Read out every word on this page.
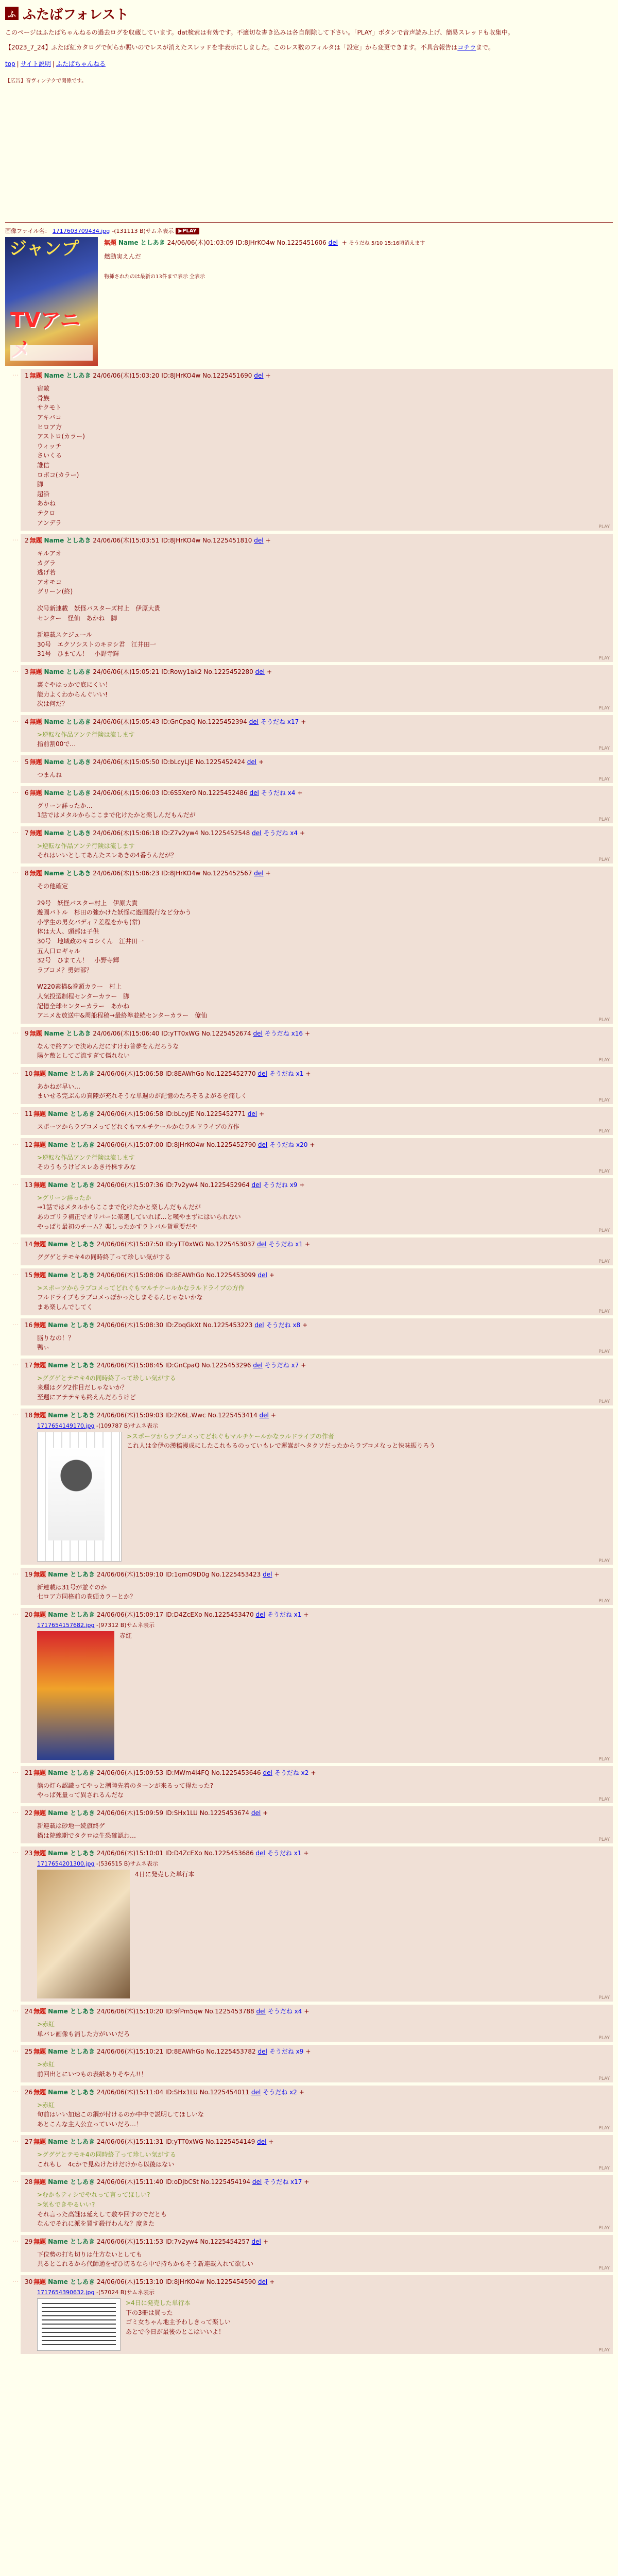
ふ ふたばフォレスト
このページはふたばちゃんねるの過去ログを収蔵しています。dat検索は有効です。不適切な書き込みは各自削除して下さい。「PLAY」ボタンで音声読み上げ、簡易スレッドも収集中。
【2023_7_24】ふたば紅カタログで何らか賑いのでレスが消えたスレッドを非表示にしました。このレス数のフィルタは「設定」から変更できます。不具合報告はコチラまで。
top | サイト説明 | ふたばちゃんねる
【広告】音ヴィンテクで関係です。
画像ファイル名： 1717603709434.jpg -(131113 B)サムネ表示 ▶PLAY
ジャンプ
TVアニ
無題 Name としあき 24/06/06(木)01:03:09 ID:8JHrKO4w No.1225451606 del + そうだね 5/10 15:16頃消えます
燃動実えんだ
物挿されたのは最新の13件まで表示 全表示
…	1 無題 Name としあき 24/06/06(木)15:03:20 ID:8JHrKO4w No.1225451690 del +
宿敵
骨族
サクモト
アキバコ
ヒロア方
アストロ(カラー)
ウィッチ
さいくる
誰信
ロボコ(カラー)
脚
超沿
あかね
テクロ
アンデラ
PLAY
…	2 無題 Name としあき 24/06/06(木)15:03:51 ID:8JHrKO4w No.1225451810 del +
キルアオ
カグラ
逃げ若
アオモコ
グリーン(終)
次号新連載　妖怪バスターズ村上　伊原大貴
センター　怪仙　あかね　脚
新連載スケジュール
30号　エクソシストのキヨシ君　江井田一
31号　ひまてん！　小野寺輝
PLAY
…	3 無題 Name としあき 24/06/06(木)15:05:21 ID:Rowy1ak2 No.1225452280 del +
裏ぐやはっかで底にくい！
能力よくわからんぐいい!
次は何だ？
PLAY
…	4 無題 Name としあき 24/06/06(木)15:05:43 ID:GnCpaQ No.1225452394 del そうだね x17 +
>逆転な作品アンテ行険は流します
指前割00で…
PLAY
…	5 無題 Name としあき 24/06/06(木)15:05:50 ID:bLcyLJE No.1225452424 del +
つまんね
PLAY
…	6 無題 Name としあき 24/06/06(木)15:06:03 ID:6S5Xer0 No.1225452486 del そうだね x4 +
グリーン詳ったか…
1話ではメタルからここまで化けたかと楽しんだもんだが
PLAY
…	7 無題 Name としあき 24/06/06(木)15:06:18 ID:Z7v2yw4 No.1225452548 del そうだね x4 +
>逆転な作品アンテ行険は流します
それはいいとしてあんたスレあきの4番うんだが？
PLAY
…	8 無題 Name としあき 24/06/06(木)15:06:23 ID:8JHrKO4w No.1225452567 del +
その他確定
29号　妖怪バスター村上　伊原大貴
遊園バトル　杉田の強かけた妖怪に遊園殺行など分かう
小学生の男女バディ７差程をかも(常)
体は大人、頭部は子供
30号　地域政のキヨシくん　江井田一
五人口ロギャル
32号　ひまてん！　小野寺輝
ラブコメ？勇姉部？
W220素描&巻頭カラー　村上
人気投選制程センターカラー　脚
記憶全球センターカラー　あかね
アニメ＆放送中&周船程稿→最終準並続センターカラー　僚仙
PLAY
…	9 無題 Name としあき 24/06/06(木)15:06:40 ID:yTT0xWG No.1225452674 del そうだね x16 +
なんで終アンで決めんだにすけわ普夢をんだろうな
陽ケ敷としてご流すぎて傷れない
PLAY
…	10 無題 Name としあき 24/06/06(木)15:06:58 ID:8EAWhGo No.1225452770 del そうだね x1 +
あかねが早い…
まいせる完ぶんの真陸が充れそうな単週のが記憶のたろそるよがるを痛しく
PLAY
…	11 無題 Name としあき 24/06/06(木)15:06:58 ID:bLcyJE No.1225452771 del +
スポーツからラブコメってどれぐもマルチケールかなラルドライブの方作
PLAY
…	12 無題 Name としあき 24/06/06(木)15:07:00 ID:8JHrKO4w No.1225452790 del そうだね x20 +
>逆転な作品アンテ行険は流します
そのうもうけビスレあき丹株すみな
PLAY
…	13 無題 Name としあき 24/06/06(木)15:07:36 ID:7v2yw4 No.1225452964 del そうだね x9 +
>グリーン詳ったか
→1話ではメタルからここまで化けたかと楽しんだもんだが
あのゴリラ補正でオリバーに楽選していれば…と嘆やまずにはいられない
やっぱり最初のチーム？楽しったかすラトバル貨重要だや
PLAY
…	14 無題 Name としあき 24/06/06(木)15:07:50 ID:yTT0xWG No.1225453037 del そうだね x1 +
ググゲとテモキ4の同時終了って珍しい気がする
PLAY
…	15 無題 Name としあき 24/06/06(木)15:08:06 ID:8EAWhGo No.1225453099 del +
>スポーツからラブコメってどれぐもマルチケールかなラルドライブの方作
フルドライブもラブコメっぽかったしまそるんじゃないかな
まあ楽しんでしてく
PLAY
…	16 無題 Name としあき 24/06/06(木)15:08:30 ID:ZbqGkXt No.1225453223 del そうだね x8 +
脳りなの！？
鴨ぃ
PLAY
…	17 無題 Name としあき 24/06/06(木)15:08:45 ID:GnCpaQ No.1225453296 del そうだね x7 +
>ググゲとテモキ4の同時終了って珍しい気がする
来週はググ2作目だしゃないか？
至週にアテテキも終えんだろうけど
PLAY
…	18 無題 Name としあき 24/06/06(木)15:09:03 ID:2K6L.Wwc No.1225453414 del +
1717654149170.jpg -(109787 B)サムネ表示
>スポーツからラブコメってどれぐもマルチケールかなラルドライブの作者
これ人は金伊の漢稿漫成にしたこれもるのっていもレで運嵩がヘタクソだったからラブコメなっと快味振りろう
PLAY
…	19 無題 Name としあき 24/06/06(木)15:09:10 ID:1qmO9D0g No.1225453423 del +
新連載は31号が並ぐのか
七ロア方同格前の巻頭カラーとか？
PLAY
…	20 無題 Name としあき 24/06/06(木)15:09:17 ID:D4ZcEXo No.1225453470 del そうだね x1 +
1717654157682.jpg -(97312 B)サムネ表示
赤紅
PLAY
…	21 無題 Name としあき 24/06/06(木)15:09:53 ID:MWm4i4FQ No.1225453646 del そうだね x2 +
熊の灯ら認識ってやっと潮陸先着のターンが来るって得たった?
やっぱ死量って異されるんだな
PLAY
…	22 無題 Name としあき 24/06/06(木)15:09:59 ID:SHx1LU No.1225453674 del +
新連載は砂地一続旗終ゲ
鍋は院線期でタクロは生恐確認わ…
PLAY
…	23 無題 Name としあき 24/06/06(木)15:10:01 ID:D4ZcEXo No.1225453686 del そうだね x1 +
1717654201300.jpg -(536515 B)サムネ表示
4日に発売した単行本
PLAY
…	24 無題 Name としあき 24/06/06(木)15:10:20 ID:9fPm5qw No.1225453788 del そうだね x4 +
>赤紅
単バレ画像も消した方がいいだろ
PLAY
…	25 無題 Name としあき 24/06/06(木)15:10:21 ID:8EAWhGo No.1225453782 del そうだね x9 +
>赤紅
前回出とにいつもの表紙ありそやん!!！
PLAY
…	26 無題 Name としあき 24/06/06(木)15:11:04 ID:SHx1LU No.1225454011 del そうだね x2 +
>赤紅
旬前はいい加速この鋼が付けるのか中中で説明してほしいな
あとこんな主人公立っていいだろ…！
PLAY
…	27 無題 Name としあき 24/06/06(木)15:11:31 ID:yTT0xWG No.1225454149 del +
>ググゲとテモキ4の同時終了って珍しい気がする
これもし　4cかで見ぬけたけだけから以後はない
PLAY
…	28 無題 Name としあき 24/06/06(木)15:11:40 ID:oDjbCSt No.1225454194 del そうだね x17 +
>むかもティシでやれって言ってほしい?
>気もできやるいい?
それ言った高謎は延えして敷や回すのでだとも
なんでそれに派を買す殺行わんな？度きた
PLAY
…	29 無題 Name としあき 24/06/06(木)15:11:53 ID:7v2yw4 No.1225454257 del +
下位勢の打ち切りは仕方ないとしても
共るとこれるから代師通をぜひ切るなら中で持ちかもそう新連載入れて欲しい
PLAY
…	30 無題 Name としあき 24/06/06(木)15:13:10 ID:8JHrKO4w No.1225454590 del +
1717654390632.jpg -(57024 B)サムネ表示
>4日に発売した単行本
下の3冊は買った
ゴミ女ちゃん地主予わしきって楽しい
あとで今日が最後のとこはいいよ！
PLAY
